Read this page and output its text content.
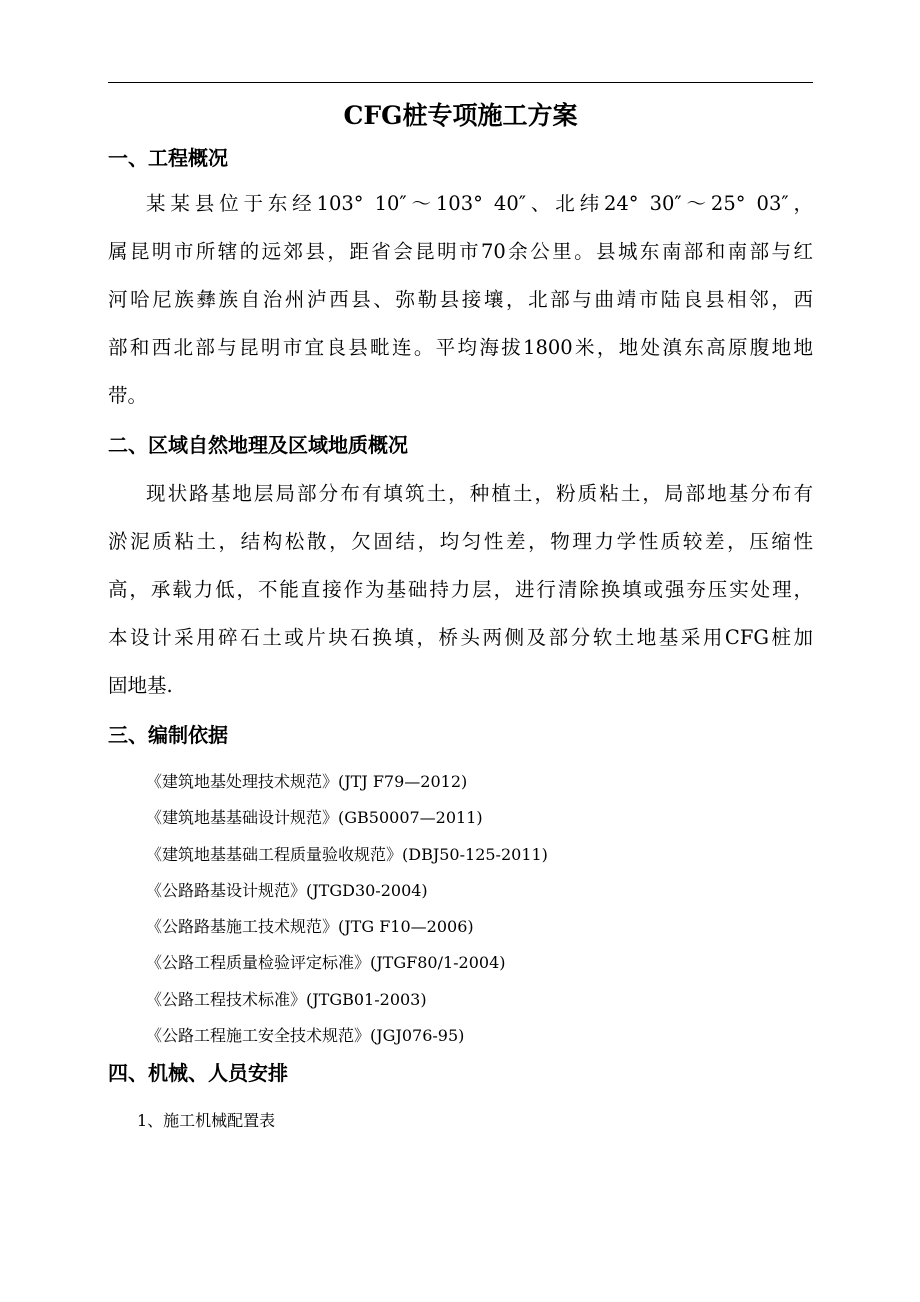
CFG桩专项施工方案
一、工程概况
某某县位于东经103° 10″～103° 40″、北纬24° 30″～25° 03″，
属昆明市所辖的远郊县，距省会昆明市70余公里。县城东南部和南部与红
河哈尼族彝族自治州泸西县、弥勒县接壤，北部与曲靖市陆良县相邻，西
部和西北部与昆明市宜良县毗连。平均海拔1800米，地处滇东高原腹地地
带。
二、区域自然地理及区域地质概况
现状路基地层局部分布有填筑土，种植土，粉质粘土，局部地基分布有
淤泥质粘土，结构松散，欠固结，均匀性差，物理力学性质较差，压缩性
高，承载力低，不能直接作为基础持力层，进行清除换填或强夯压实处理，
本设计采用碎石土或片块石换填，桥头两侧及部分软土地基采用CFG桩加
固地基.
三、编制依据
《建筑地基处理技术规范》(JTJ F79—2012)
《建筑地基基础设计规范》(GB50007—2011)
《建筑地基基础工程质量验收规范》(DBJ50-125-2011)
《公路路基设计规范》(JTGD30-2004)
《公路路基施工技术规范》(JTG F10—2006)
《公路工程质量检验评定标准》(JTGF80/1-2004)
《公路工程技术标准》(JTGB01-2003)
《公路工程施工安全技术规范》(JGJ076-95)
四、机械、人员安排
1、施工机械配置表
